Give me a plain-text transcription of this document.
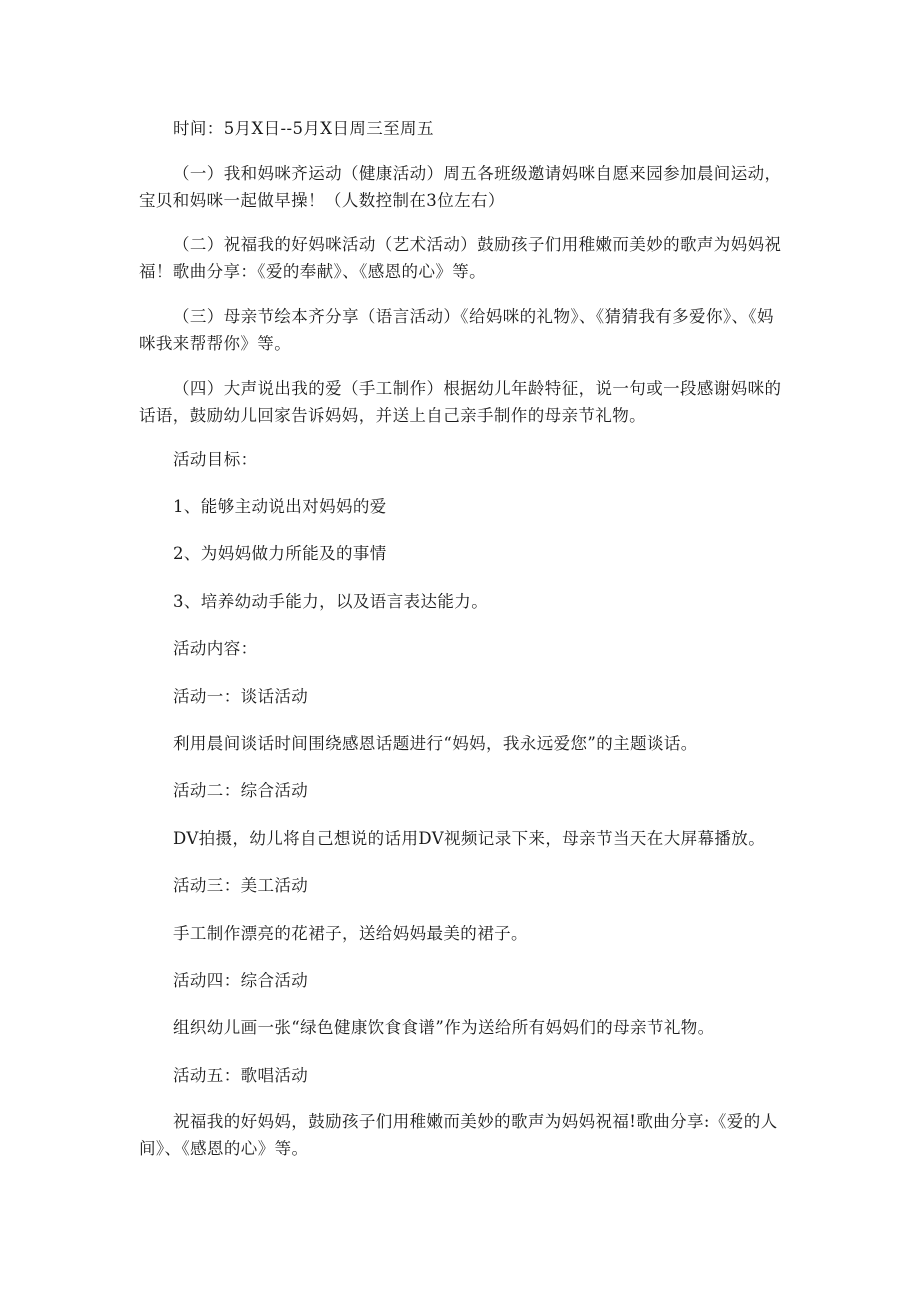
时间：5月X日--5月X日周三至周五

（一）我和妈咪齐运动（健康活动）周五各班级邀请妈咪自愿来园参加晨间运动，宝贝和妈咪一起做早操！（人数控制在3位左右）

（二）祝福我的好妈咪活动（艺术活动）鼓励孩子们用稚嫩而美妙的歌声为妈妈祝福！歌曲分享：《爱的奉献》、《感恩的心》等。

（三）母亲节绘本齐分享（语言活动）《给妈咪的礼物》、《猜猜我有多爱你》、《妈咪我来帮帮你》等。

（四）大声说出我的爱（手工制作）根据幼儿年龄特征，说一句或一段感谢妈咪的话语，鼓励幼儿回家告诉妈妈，并送上自己亲手制作的母亲节礼物。

活动目标：

1、能够主动说出对妈妈的爱

2、为妈妈做力所能及的事情

3、培养幼动手能力，以及语言表达能力。

活动内容：

活动一：谈话活动

利用晨间谈话时间围绕感恩话题进行“妈妈，我永远爱您”的主题谈话。

活动二：综合活动

DV拍摄，幼儿将自己想说的话用DV视频记录下来，母亲节当天在大屏幕播放。

活动三：美工活动

手工制作漂亮的花裙子，送给妈妈最美的裙子。

活动四：综合活动

组织幼儿画一张“绿色健康饮食食谱”作为送给所有妈妈们的母亲节礼物。

活动五：歌唱活动

祝福我的好妈妈，鼓励孩子们用稚嫩而美妙的歌声为妈妈祝福!歌曲分享:《爱的人间》、《感恩的心》等。
